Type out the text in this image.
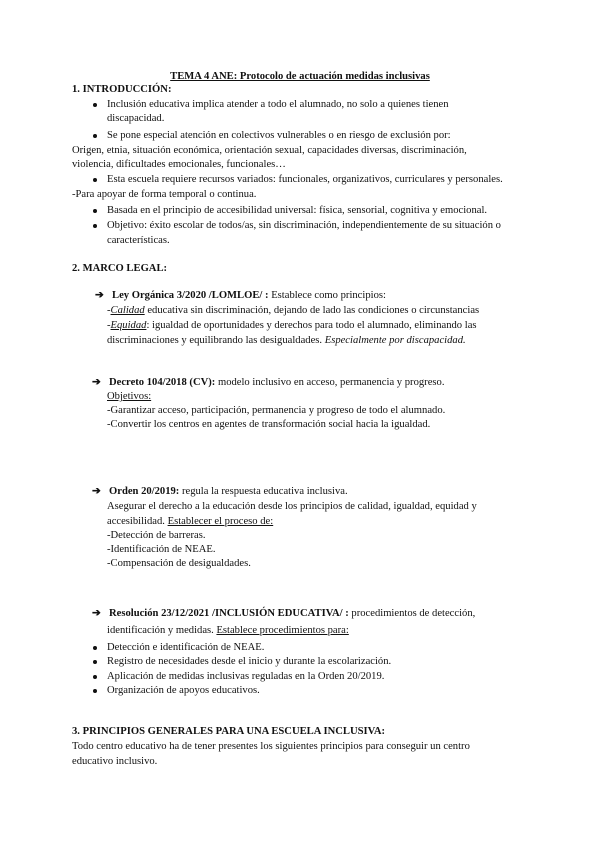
TEMA 4 ANE: Protocolo de actuación medidas inclusivas
1. INTRODUCCIÓN:
Inclusión educativa implica atender a todo el alumnado, no solo a quienes tienen
discapacidad.
Se pone especial atención en colectivos vulnerables o en riesgo de exclusión por:
Origen, etnia, situación económica, orientación sexual, capacidades diversas, discriminación,
violencia, dificultades emocionales, funcionales…
Esta escuela requiere recursos variados: funcionales, organizativos, curriculares y personales.
-Para apoyar de forma temporal o continua.
Basada en el principio de accesibilidad universal: física, sensorial, cognitiva y emocional.
Objetivo: éxito escolar de todos/as, sin discriminación, independientemente de su situación o
características.
2. MARCO LEGAL:
➔ Ley Orgánica 3/2020 /LOMLOE/ : Establece como principios:
-Calidad educativa sin discriminación, dejando de lado las condiciones o circunstancias
-Equidad: igualdad de oportunidades y derechos para todo el alumnado, eliminando las
discriminaciones y equilibrando las desigualdades. Especialmente por discapacidad.
➔ Decreto 104/2018 (CV): modelo inclusivo en acceso, permanencia y progreso.
Objetivos:
-Garantizar acceso, participación, permanencia y progreso de todo el alumnado.
-Convertir los centros en agentes de transformación social hacia la igualdad.
➔ Orden 20/2019: regula la respuesta educativa inclusiva.
Asegurar el derecho a la educación desde los principios de calidad, igualdad, equidad y
accesibilidad. Establecer el proceso de:
-Detección de barreras.
-Identificación de NEAE.
-Compensación de desigualdades.
➔ Resolución 23/12/2021 /INCLUSIÓN EDUCATIVA/ : procedimientos de detección,
identificación y medidas. Establece procedimientos para:
Detección e identificación de NEAE.
Registro de necesidades desde el inicio y durante la escolarización.
Aplicación de medidas inclusivas reguladas en la Orden 20/2019.
Organización de apoyos educativos.
3. PRINCIPIOS GENERALES PARA UNA ESCUELA INCLUSIVA:
Todo centro educativo ha de tener presentes los siguientes principios para conseguir un centro
educativo inclusivo.
